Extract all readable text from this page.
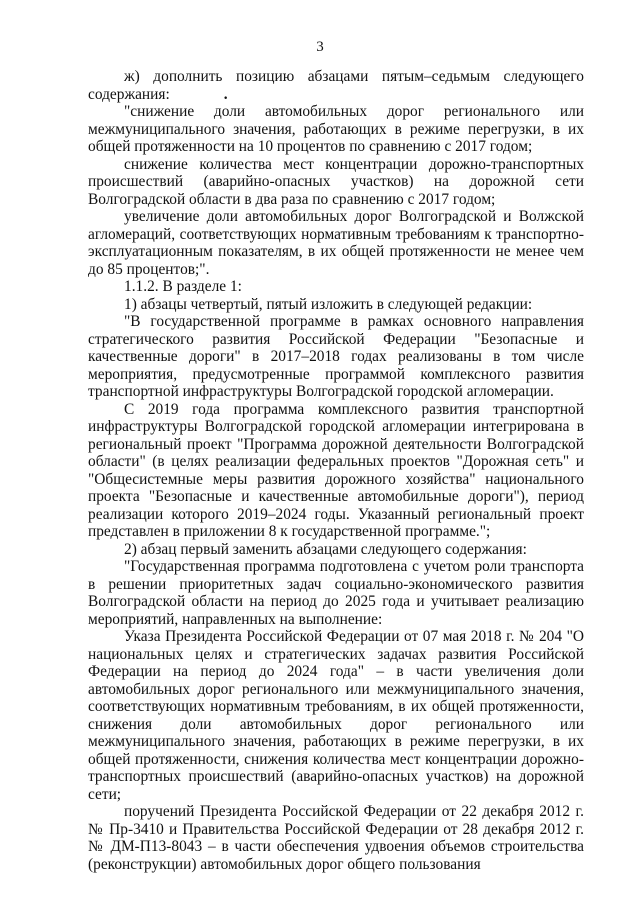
3

ж) дополнить позицию абзацами пятым–седьмым следующего содержания:	.

"снижение доли автомобильных дорог регионального или межмуниципального значения, работающих в режиме перегрузки, в их общей протяженности на 10 процентов по сравнению с 2017 годом;

снижение количества мест концентрации дорожно-транспортных происшествий (аварийно-опасных участков) на дорожной сети Волгоградской области в два раза по сравнению с 2017 годом;

увеличение доли автомобильных дорог Волгоградской и Волжской агломераций, соответствующих нормативным требованиям к транспортно-эксплуатационным показателям, в их общей протяженности не менее чем до 85 процентов;".

1.1.2. В разделе 1:

1) абзацы четвертый, пятый изложить в следующей редакции:

"В государственной программе в рамках основного направления стратегического развития Российской Федерации "Безопасные и качественные дороги" в 2017–2018 годах реализованы в том числе мероприятия, предусмотренные программой комплексного развития транспортной инфраструктуры Волгоградской городской агломерации.

С 2019 года программа комплексного развития транспортной инфраструктуры Волгоградской городской агломерации интегрирована в региональный проект "Программа дорожной деятельности Волгоградской области" (в целях реализации федеральных проектов "Дорожная сеть" и "Общесистемные меры развития дорожного хозяйства" национального проекта "Безопасные и качественные автомобильные дороги"), период реализации которого 2019–2024 годы. Указанный региональный проект представлен в приложении 8 к государственной программе.";

2) абзац первый заменить абзацами следующего содержания:

"Государственная программа подготовлена с учетом роли транспорта в решении приоритетных задач социально-экономического развития Волгоградской области на период до 2025 года и учитывает реализацию мероприятий, направленных на выполнение:

Указа Президента Российской Федерации от 07 мая 2018 г. № 204 "О национальных целях и стратегических задачах развития Российской Федерации на период до 2024 года" – в части увеличения доли автомобильных дорог регионального или межмуниципального значения, соответствующих нормативным требованиям, в их общей протяженности, снижения доли автомобильных дорог регионального или межмуниципального значения, работающих в режиме перегрузки, в их общей протяженности, снижения количества мест концентрации дорожно-транспортных происшествий (аварийно-опасных участков) на дорожной сети;

поручений Президента Российской Федерации от 22 декабря 2012 г. № Пр-3410 и Правительства Российской Федерации от 28 декабря 2012 г. № ДМ-П13-8043 – в части обеспечения удвоения объемов строительства (реконструкции) автомобильных дорог общего пользования
